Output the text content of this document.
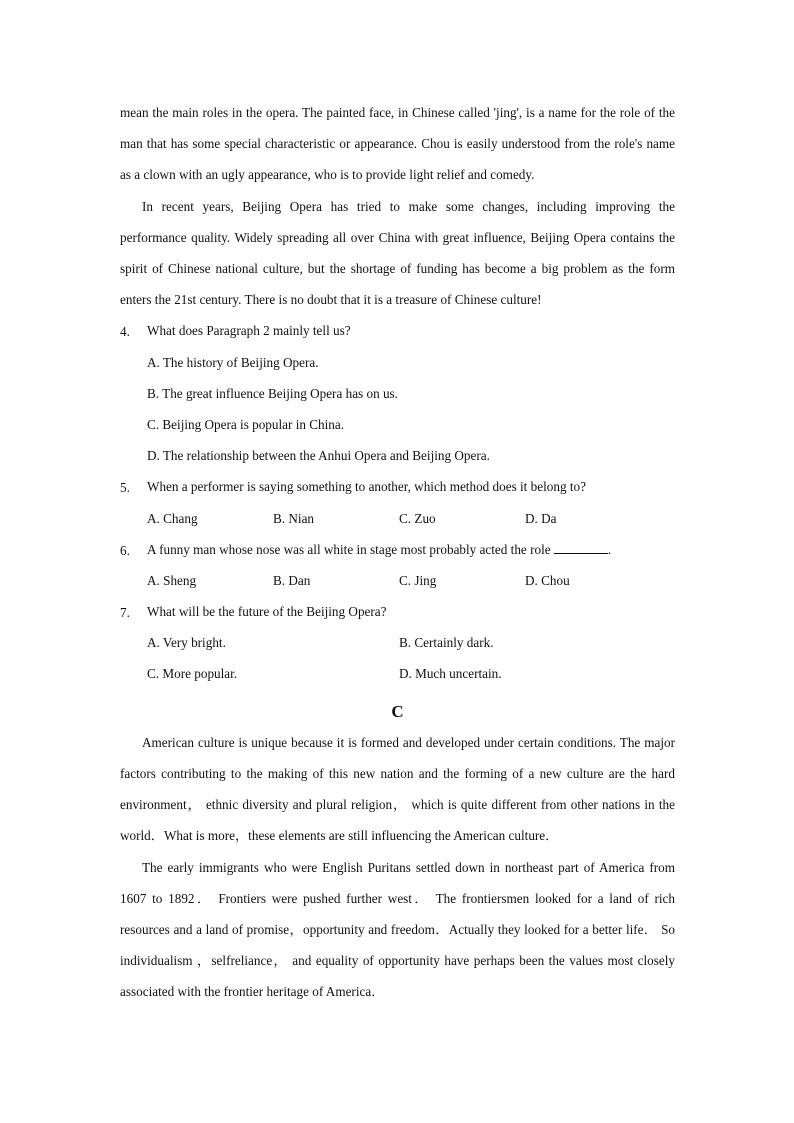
mean the main roles in the opera. The painted face, in Chinese called 'jing', is a name for the role of the man that has some special characteristic or appearance. Chou is easily understood from the role's name as a clown with an ugly appearance, who is to provide light relief and comedy.

In recent years, Beijing Opera has tried to make some changes, including improving the performance quality. Widely spreading all over China with great influence, Beijing Opera contains the spirit of Chinese national culture, but the shortage of funding has become a big problem as the form enters the 21st century. There is no doubt that it is a treasure of Chinese culture!

4. What does Paragraph 2 mainly tell us?
A. The history of Beijing Opera.
B. The great influence Beijing Opera has on us.
C. Beijing Opera is popular in China.
D. The relationship between the Anhui Opera and Beijing Opera.
5. When a performer is saying something to another, which method does it belong to?
A. Chang	B. Nian	C. Zuo	D. Da
6. A funny man whose nose was all white in stage most probably acted the role	.
A. Sheng	B. Dan	C. Jing	D. Chou
7. What will be the future of the Beijing Opera?
A. Very bright.	B. Certainly dark.
C. More popular.	D. Much uncertain.
C

American culture is unique because it is formed and developed under certain conditions. The major factors contributing to the making of this new nation and the forming of a new culture are the hard environment， ethnic diversity and plural religion， which is quite different from other nations in the world．What is more，these elements are still influencing the American culture．

The early immigrants who were English Puritans settled down in northeast part of America from 1607 to 1892． Frontiers were pushed further west． The frontiersmen looked for a land of rich resources and a land of promise，opportunity and freedom．Actually they looked for a better life． So individualism ，selfreliance， and equality of opportunity have perhaps been the values most closely associated with the frontier heritage of America．
